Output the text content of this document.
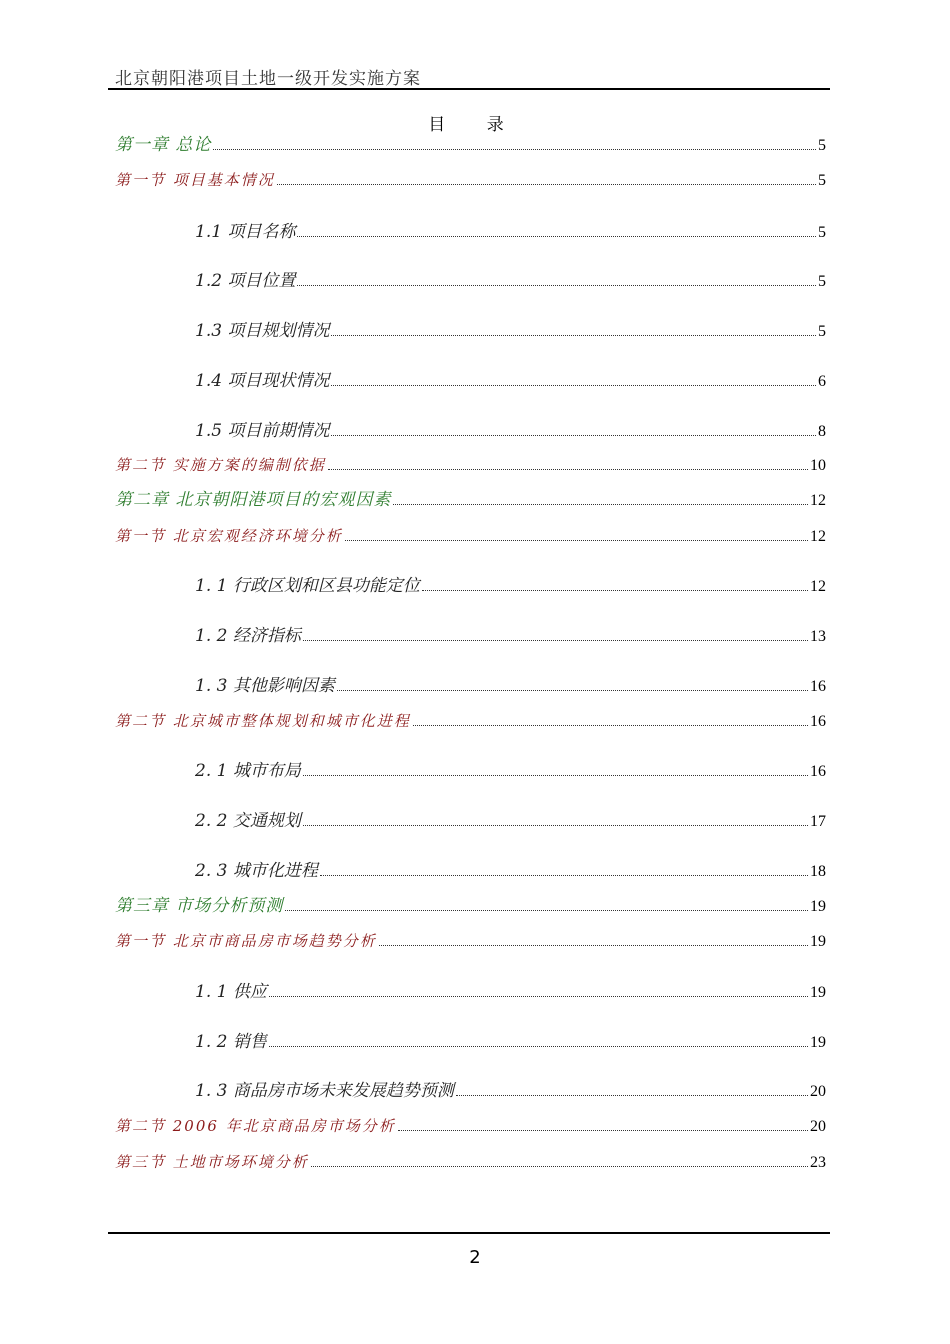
北京朝阳港项目土地一级开发实施方案
目 录
第一章 总论	5
第一节 项目基本情况	5
1.1 项目名称	5
1.2 项目位置	5
1.3 项目规划情况	5
1.4 项目现状情况	6
1.5 项目前期情况	8
第二节 实施方案的编制依据	10
第二章 北京朝阳港项目的宏观因素	12
第一节 北京宏观经济环境分析	12
1. 1 行政区划和区县功能定位	12
1. 2 经济指标	13
1. 3 其他影响因素	16
第二节 北京城市整体规划和城市化进程	16
2. 1 城市布局	16
2. 2 交通规划	17
2. 3 城市化进程	18
第三章 市场分析预测	19
第一节 北京市商品房市场趋势分析	19
1. 1 供应	19
1. 2 销售	19
1. 3 商品房市场未来发展趋势预测	20
第二节 2006 年北京商品房市场分析	20
第三节 土地市场环境分析	23
2
